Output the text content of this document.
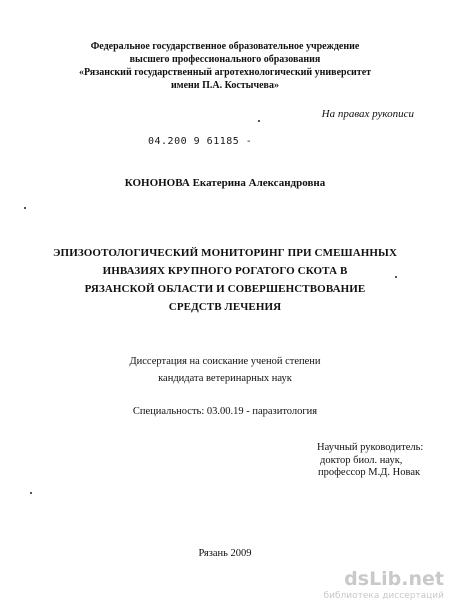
Федеральное государственное образовательное учреждение
высшего профессионального образования
«Рязанский государственный агротехнологический университет
имени П.А. Костычева»
На правах рукописи
04.200 9 61185 -
КОНОНОВА Екатерина Александровна
ЭПИЗООТОЛОГИЧЕСКИЙ МОНИТОРИНГ ПРИ СМЕШАННЫХ
ИНВАЗИЯХ КРУПНОГО РОГАТОГО СКОТА В
РЯЗАНСКОЙ ОБЛАСТИ И СОВЕРШЕНСТВОВАНИЕ
СРЕДСТВ ЛЕЧЕНИЯ
Диссертация на соискание ученой степени
кандидата ветеринарных наук
Специальность: 03.00.19 - паразитология
Научный руководитель:
доктор биол. наук,
профессор М.Д. Новак
Рязань 2009
dsLib.net
библиотека диссертаций
